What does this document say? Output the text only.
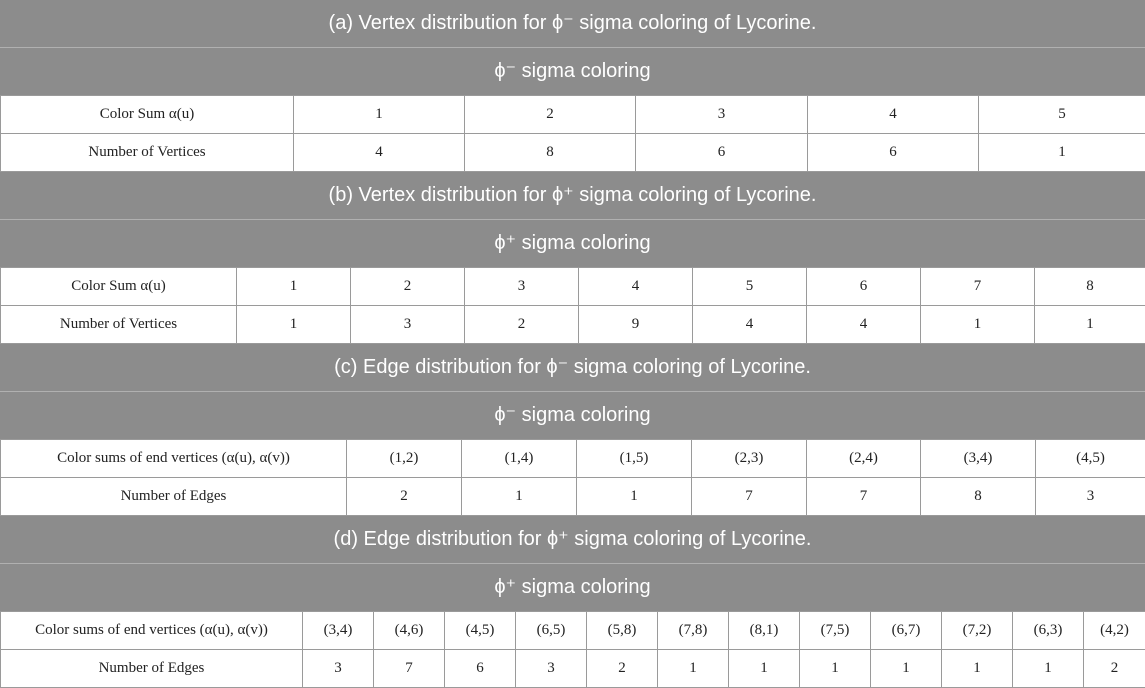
(a) Vertex distribution for ϕ⁻ sigma coloring of Lycorine.
ϕ⁻ sigma coloring
Color Sum α(u)	1	2	3	4	5
Number of Vertices	4	8	6	6	1
(b) Vertex distribution for ϕ⁺ sigma coloring of Lycorine.
ϕ⁺ sigma coloring
Color Sum α(u)	1	2	3	4	5	6	7	8
Number of Vertices	1	3	2	9	4	4	1	1
(c) Edge distribution for ϕ⁻ sigma coloring of Lycorine.
ϕ⁻ sigma coloring
Color sums of end vertices (α(u), α(v))	(1,2)	(1,4)	(1,5)	(2,3)	(2,4)	(3,4)	(4,5)
Number of Edges	2	1	1	7	7	8	3
(d) Edge distribution for ϕ⁺ sigma coloring of Lycorine.
ϕ⁺ sigma coloring
Color sums of end vertices (α(u), α(v))	(3,4)	(4,6)	(4,5)	(6,5)	(5,8)	(7,8)	(8,1)	(7,5)	(6,7)	(7,2)	(6,3)	(4,2)
Number of Edges	3	7	6	3	2	1	1	1	1	1	1	2
